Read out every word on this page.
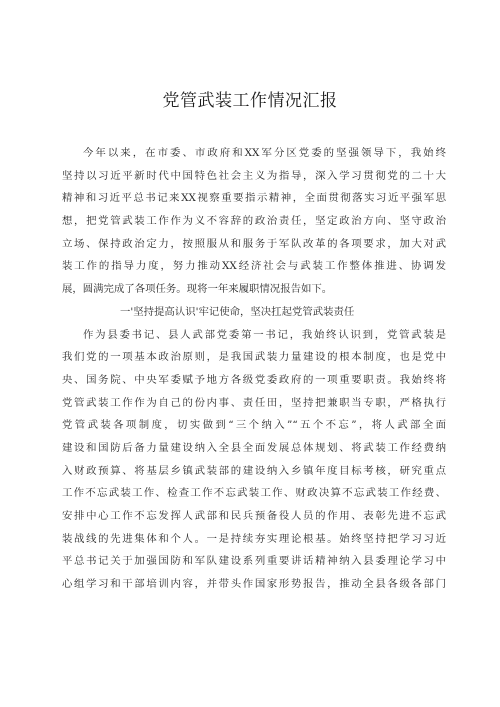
党管武装工作情况汇报
今年以来，在市委、市政府和XX军分区党委的坚强领导下，我始终
坚持以习近平新时代中国特色社会主义为指导，深入学习贯彻党的二十大
精神和习近平总书记来XX视察重要指示精神，全面贯彻落实习近平强军思
想，把党管武装工作作为义不容辞的政治责任，坚定政治方向、坚守政治
立场、保持政治定力，按照服从和服务于军队改革的各项要求，加大对武
装工作的指导力度，努力推动XX经济社会与武装工作整体推进、协调发
展，圆满完成了各项任务。现将一年来履职情况报告如下。
一'坚持提高认识'牢记使命，坚决扛起党管武装责任
作为县委书记、县人武部党委第一书记，我始终认识到，党管武装是
我们党的一项基本政治原则，是我国武装力量建设的根本制度，也是党中
央、国务院、中央军委赋予地方各级党委政府的一项重要职责。我始终将
党管武装工作作为自己的份内事、责任田，坚持把兼职当专职，严格执行
党管武装各项制度，切实做到“三个纳入”“五个不忘”，将人武部全面
建设和国防后备力量建设纳入全县全面发展总体规划、将武装工作经费纳
入财政预算、将基层乡镇武装部的建设纳入乡镇年度目标考核，研究重点
工作不忘武装工作、检查工作不忘武装工作、财政决算不忘武装工作经费、
安排中心工作不忘发挥人武部和民兵预备役人员的作用、表彰先进不忘武
装战线的先进集体和个人。一是持续夯实理论根基。始终坚持把学习习近
平总书记关于加强国防和军队建设系列重要讲话精神纳入县委理论学习中
心组学习和干部培训内容，并带头作国家形势报告，推动全县各级各部门
